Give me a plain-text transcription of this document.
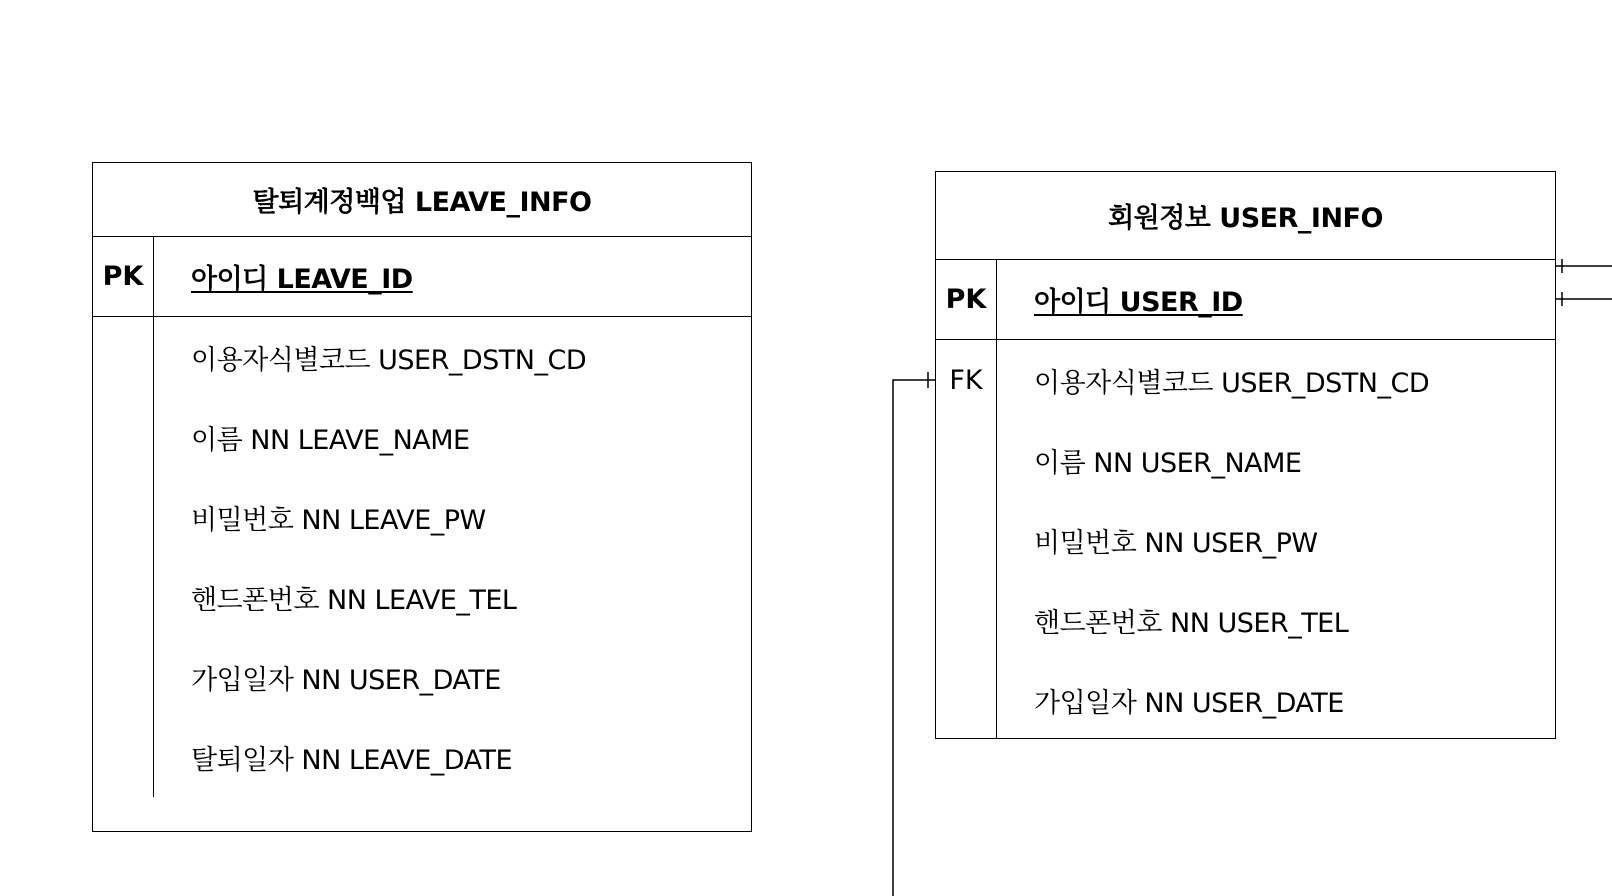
탈퇴계정백업 LEAVE_INFO
PK	아이디 LEAVE_ID
이용자식별코드 USER_DSTN_CD
이름 NN LEAVE_NAME
비밀번호 NN LEAVE_PW
핸드폰번호 NN LEAVE_TEL
가입일자 NN USER_DATE
탈퇴일자 NN LEAVE_DATE
회원정보 USER_INFO
PK	아이디 USER_ID
FK	이용자식별코드 USER_DSTN_CD
이름 NN USER_NAME
비밀번호 NN USER_PW
핸드폰번호 NN USER_TEL
가입일자 NN USER_DATE
